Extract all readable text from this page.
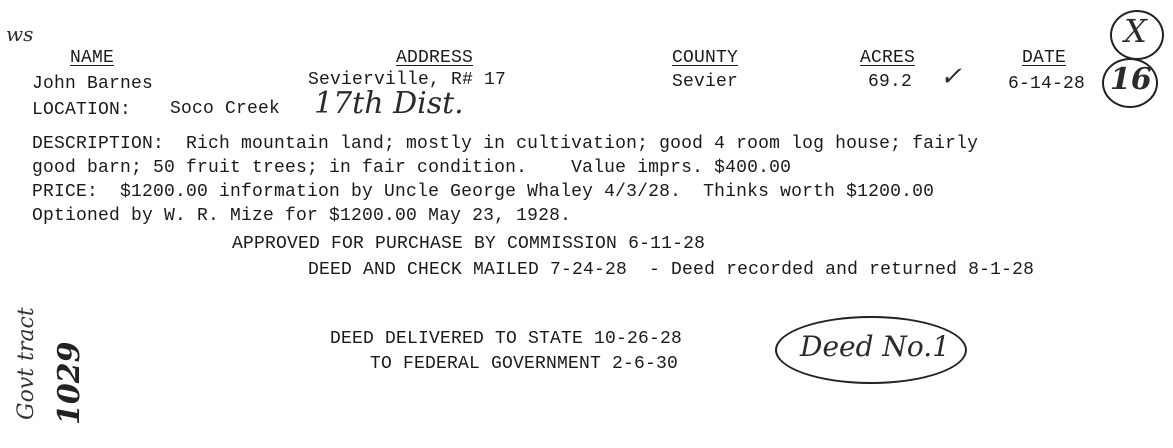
ws
NAME	ADDRESS	COUNTY	ACRES	DATE
John Barnes	Sevierville, R# 17	Sevier	69.2 ✓	6-14-28
X
16
LOCATION: Soco Creek 17th Dist.
DESCRIPTION:  Rich mountain land; mostly in cultivation; good 4 room log house; fairly
good barn; 50 fruit trees; in fair condition.    Value imprs. $400.00
PRICE:  $1200.00 information by Uncle George Whaley 4/3/28.  Thinks worth $1200.00
Optioned by W. R. Mize for $1200.00 May 23, 1928.
APPROVED FOR PURCHASE BY COMMISSION 6-11-28
DEED AND CHECK MAILED 7-24-28  - Deed recorded and returned 8-1-28
DEED DELIVERED TO STATE 10-26-28
TO FEDERAL GOVERNMENT 2-6-30
Deed No.1
Govt tract 1029
